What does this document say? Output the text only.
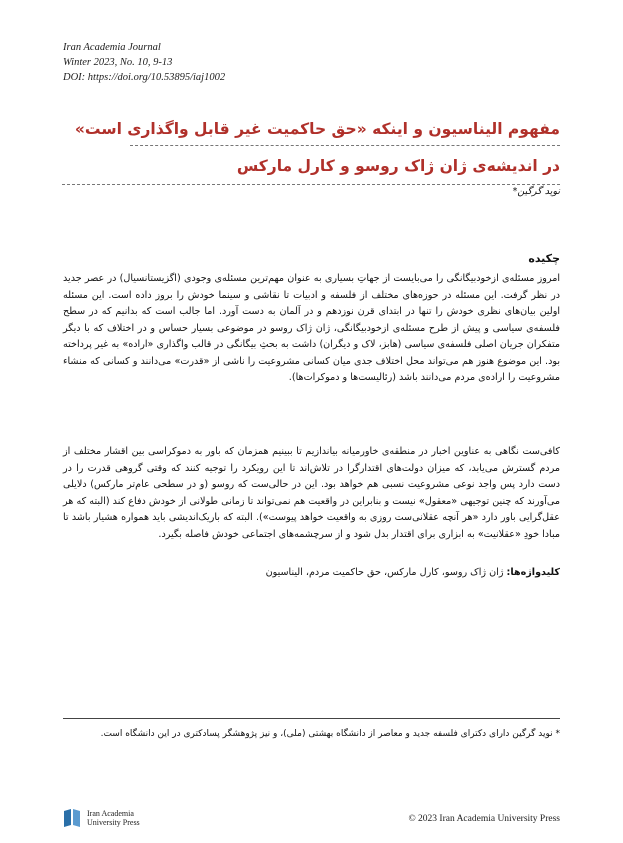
Iran Academia Journal
Winter 2023, No. 10, 9-13
DOI: https://doi.org/10.53895/iaj1002
مفهوم الیناسیون و اینکه «حق حاکمیت غیر قابل واگذاری است»
در اندیشه‌ی ژان ژاک روسو و کارل مارکس
نوید گرگین*
چکیده

امروز مسئله‌ی ازخودبیگانگی را می‌بایست از جهاتِ بسیاری به عنوان مهم‌ترین مسئله‌ی وجودی (اگزیستانسیال) در عصر جدید در نظر گرفت. این مسئله در حوزه‌های مختلف از فلسفه و ادبیات تا نقاشی و سینما خودش را بروز داده است. این مسئله اولین بیان‌های نظری خودش را تنها در ابتدای قرن نوزدهم و در آلمان به دست آورد. اما جالب است که بدانیم که در سطح فلسفه‌ی سیاسی و پیش از طرح مسئله‌ی ازخودبیگانگی، ژان ژاک روسو در موضوعی بسیار حساس و در اختلاف که با دیگر متفکران جریان اصلی فلسفه‌ی سیاسی (هابز، لاک و دیگران) داشت به بحثِ بیگانگی در قالب واگذاری «اراده» به غیر پرداخته بود. این موضوع هنوز هم می‌تواند محل اختلاف جدی میان کسانی مشروعیت را ناشی از «قدرت» می‌دانند و کسانی که منشاء مشروعیت را اراده‌ی مردم می‌دانند باشد (رئالیست‌ها و دموکرات‌ها).

کافی‌ست نگاهی به عناوین اخبار در منطقه‌ی خاورمیانه بیاندازیم تا ببینیم همزمان که باور به دموکراسی بین اقشار مختلف از مردم گسترش می‌یابد، که میزان دولت‌های اقتدارگرا در تلاش‌اند تا این رویکرد را توجیه کنند که وقتی گروهی قدرت را در دست دارد پس واجد نوعی مشروعیت نسبی هم خواهد بود. این در حالی‌ست که روسو (و در سطحی عام‌تر مارکس) دلایلی می‌آورند که چنین توجیهی «معقول» نیست و بنابراین در واقعیت هم نمی‌تواند تا زمانی طولانی از خودش دفاع کند (البته که هر عقل‌گرایی باور دارد «هر آنچه عقلانی‌ست روزی به واقعیت خواهد پیوست»). البته که باریک‌اندیشی باید همواره هشیار باشد تا مبادا خودِ «عقلانیت» به ابزاری برای اقتدار بدل شود و از سرچشمه‌های اجتماعی خودش فاصله بگیرد.

کلیدواژه‌ها: ژان ژاک روسو، کارل مارکس، حق حاکمیت مردم، الیناسیون

* نوید گرگین دارای دکترای فلسفه جدید و معاصر از دانشگاه بهشتی (ملی)، و نیز پژوهشگر پسادکتری در این دانشگاه است.

Iran Academia
University Press	© 2023 Iran Academia University Press
